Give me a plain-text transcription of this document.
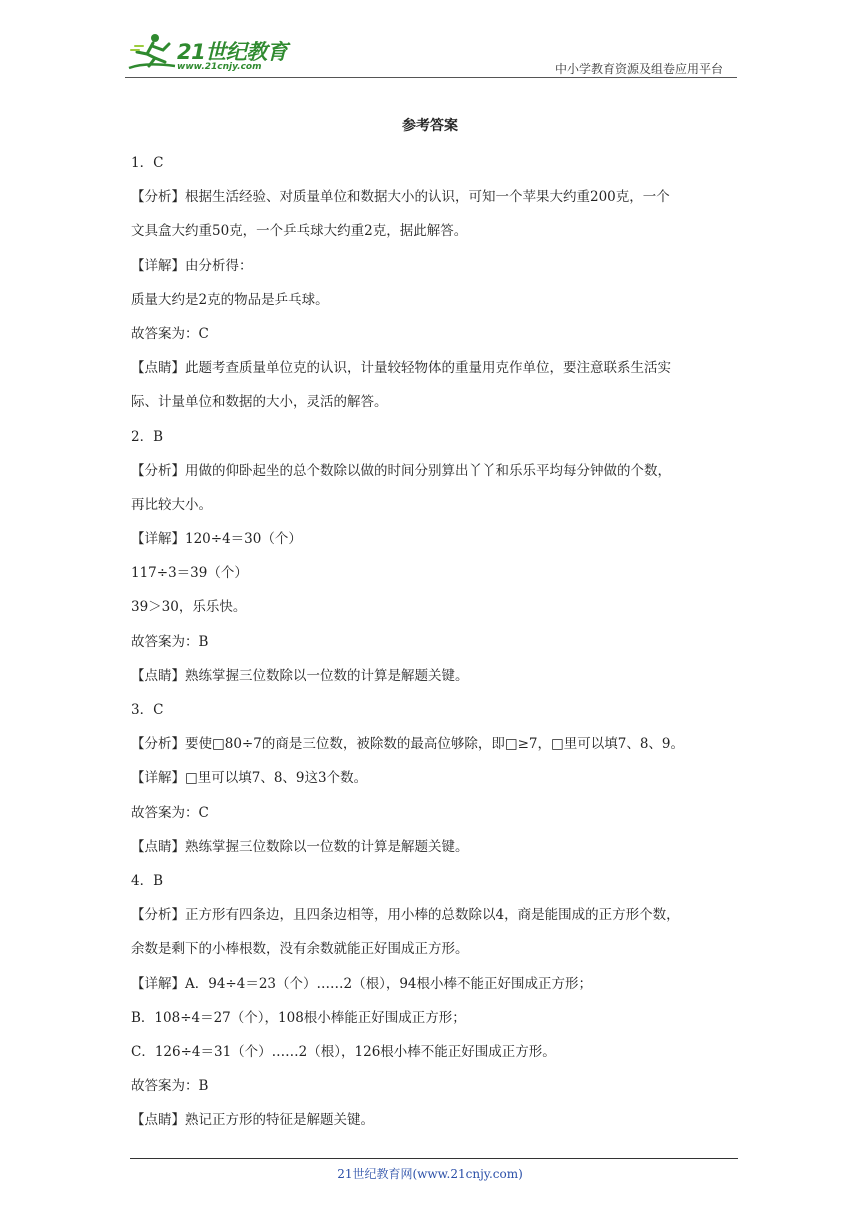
21世纪教育
www.21cnjy.com	中小学教育资源及组卷应用平台
参考答案
1．C
【分析】根据生活经验、对质量单位和数据大小的认识，可知一个苹果大约重200克，一个
文具盒大约重50克，一个乒乓球大约重2克，据此解答。
【详解】由分析得：
质量大约是2克的物品是乒乓球。
故答案为：C
【点睛】此题考查质量单位克的认识，计量较轻物体的重量用克作单位，要注意联系生活实
际、计量单位和数据的大小，灵活的解答。
2．B
【分析】用做的仰卧起坐的总个数除以做的时间分别算出丫丫和乐乐平均每分钟做的个数，
再比较大小。
【详解】120÷4＝30（个）
117÷3＝39（个）
39＞30，乐乐快。
故答案为：B
【点睛】熟练掌握三位数除以一位数的计算是解题关键。
3．C
【分析】要使□80÷7的商是三位数，被除数的最高位够除，即□≥7，□里可以填7、8、9。
【详解】□里可以填7、8、9这3个数。
故答案为：C
【点睛】熟练掌握三位数除以一位数的计算是解题关键。
4．B
【分析】正方形有四条边，且四条边相等，用小棒的总数除以4，商是能围成的正方形个数，
余数是剩下的小棒根数，没有余数就能正好围成正方形。
【详解】A．94÷4＝23（个）……2（根），94根小棒不能正好围成正方形；
B．108÷4＝27（个），108根小棒能正好围成正方形；
C．126÷4＝31（个）……2（根），126根小棒不能正好围成正方形。
故答案为：B
【点睛】熟记正方形的特征是解题关键。
21世纪教育网(www.21cnjy.com)
